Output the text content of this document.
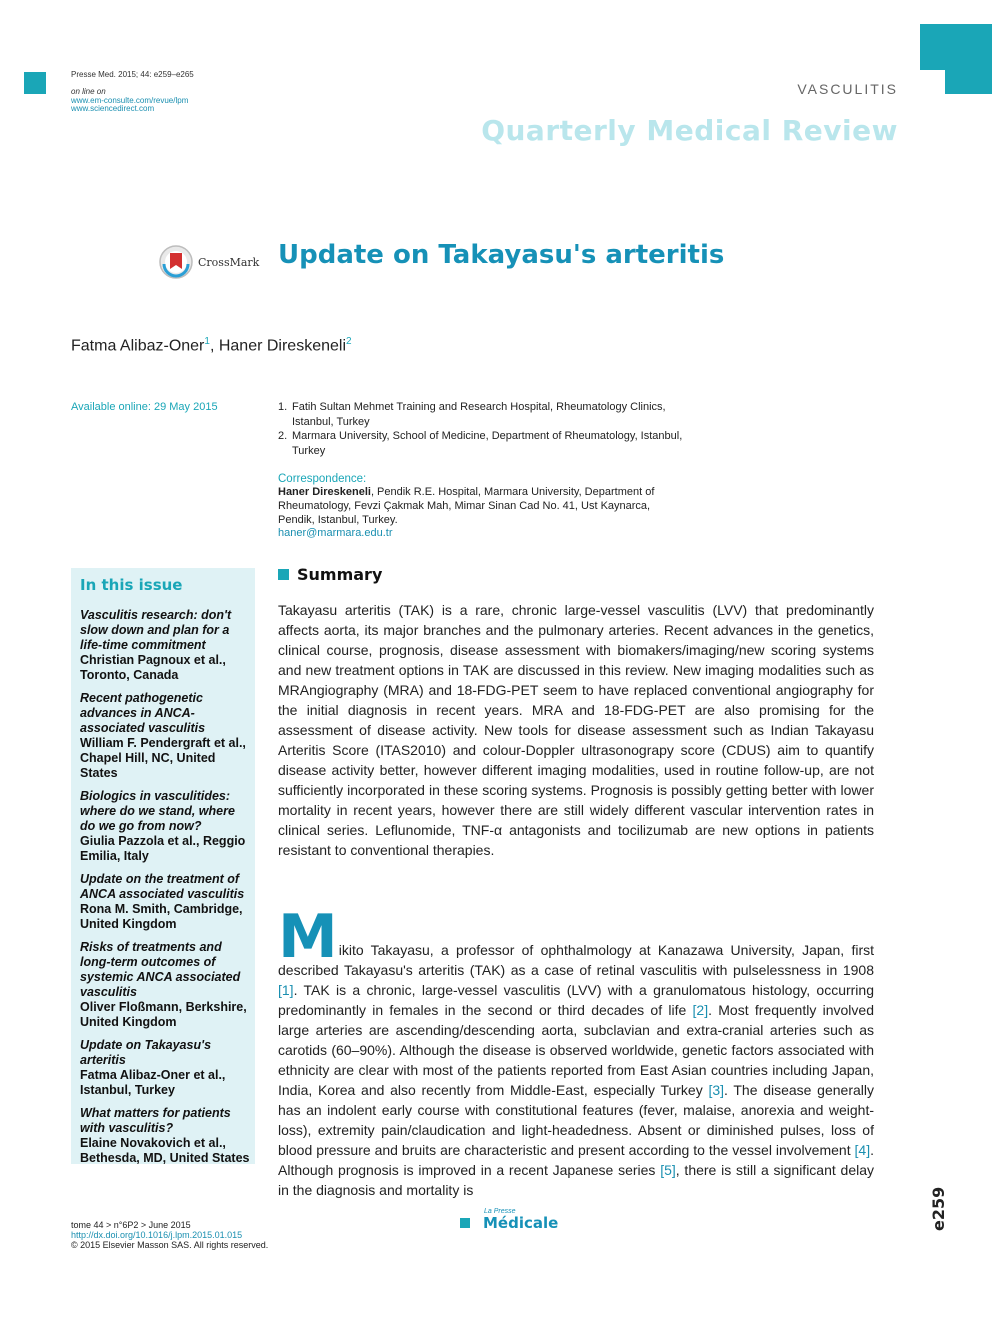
Presse Med. 2015; 44: e259–e265
on line on
www.em-consulte.com/revue/lpm
www.sciencedirect.com
VASCULITIS
Quarterly Medical Review
CrossMark Update on Takayasu's arteritis
Fatma Alibaz-Oner$^1$, Haner Direskeneli$^2$
Available online: 29 May 2015	1. Fatih Sultan Mehmet Training and Research Hospital, Rheumatology Clinics, Istanbul, Turkey
2. Marmara University, School of Medicine, Department of Rheumatology, Istanbul, Turkey
Correspondence:
Haner Direskeneli, Pendik R.E. Hospital, Marmara University, Department of Rheumatology, Fevzi Çakmak Mah, Mimar Sinan Cad No. 41, Ust Kaynarca, Pendik, Istanbul, Turkey.
haner@marmara.edu.tr
In this issue
Vasculitis research: don't slow down and plan for a life-time commitment
Christian Pagnoux et al., Toronto, Canada
Recent pathogenetic advances in ANCA-associated vasculitis
William F. Pendergraft et al., Chapel Hill, NC, United States
Biologics in vasculitides: where do we stand, where do we go from now?
Giulia Pazzola et al., Reggio Emilia, Italy
Update on the treatment of ANCA associated vasculitis
Rona M. Smith, Cambridge, United Kingdom
Risks of treatments and long-term outcomes of systemic ANCA associated vasculitis
Oliver Floßmann, Berkshire, United Kingdom
Update on Takayasu's arteritis
Fatma Alibaz-Oner et al., Istanbul, Turkey
What matters for patients with vasculitis?
Elaine Novakovich et al., Bethesda, MD, United States
Summary
Takayasu arteritis (TAK) is a rare, chronic large-vessel vasculitis (LVV) that predominantly affects aorta, its major branches and the pulmonary arteries. Recent advances in the genetics, clinical course, prognosis, disease assessment with biomakers/imaging/new scoring systems and new treatment options in TAK are discussed in this review. New imaging modalities such as MRAngiography (MRA) and 18-FDG-PET seem to have replaced conventional angiography for the initial diagnosis in recent years. MRA and 18-FDG-PET are also promising for the assessment of disease activity. New tools for disease assessment such as Indian Takayasu Arteritis Score (ITAS2010) and colour-Doppler ultrasonograpy score (CDUS) aim to quantify disease activity better, however different imaging modalities, used in routine follow-up, are not sufficiently incorporated in these scoring systems. Prognosis is possibly getting better with lower mortality in recent years, however there are still widely different vascular intervention rates in clinical series. Leflunomide, TNF-α antagonists and tocilizumab are new options in patients resistant to conventional therapies.
M ikito Takayasu, a professor of ophthalmology at Kanazawa University, Japan, first described Takayasu's arteritis (TAK) as a case of retinal vasculitis with pulselessness in 1908 [1]. TAK is a chronic, large-vessel vasculitis (LVV) with a granulomatous histology, occurring predominantly in females in the second or third decades of life [2]. Most frequently involved large arteries are ascending/descending aorta, subclavian and extra-cranial arteries such as carotids (60–90%). Although the disease is observed worldwide, genetic factors associated with ethnicity are clear with most of the patients reported from East Asian countries including Japan, India, Korea and also recently from Middle-East, especially Turkey [3]. The disease generally has an indolent early course with constitutional features (fever, malaise, anorexia and weight-loss), extremity pain/claudication and light-headedness. Absent or diminished pulses, loss of blood pressure and bruits are characteristic and present according to the vessel involvement [4]. Although prognosis is improved in a recent Japanese series [5], there is still a significant delay in the diagnosis and mortality is
tome 44 > n°6P2 > June 2015
http://dx.doi.org/10.1016/j.lpm.2015.01.015
© 2015 Elsevier Masson SAS. All rights reserved.
La Presse
Médicale	e259
